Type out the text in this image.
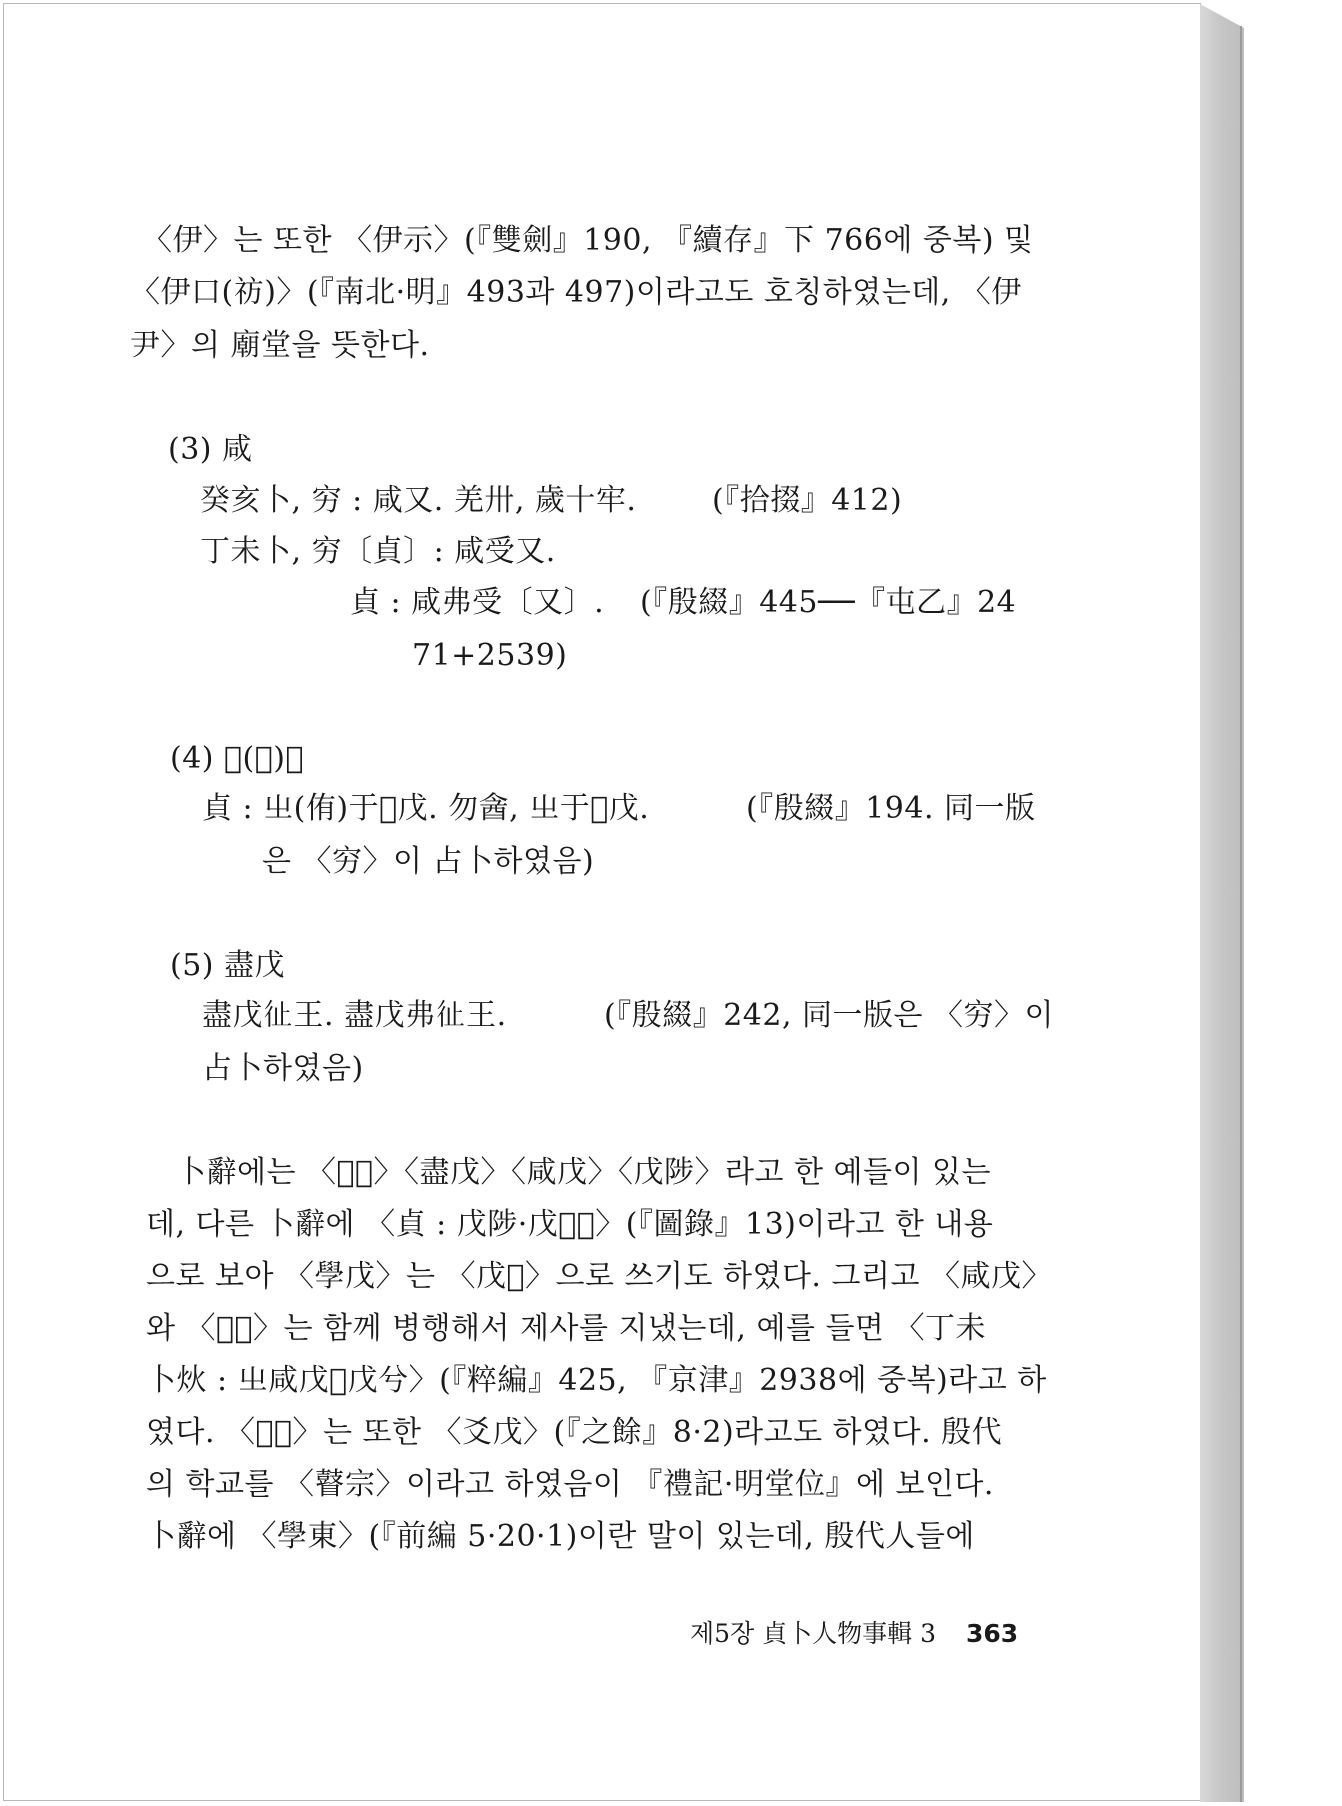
〈伊〉는 또한 〈伊示〉(『雙劍』190, 『續存』下 766에 중복) 및
〈伊口(祊)〉(『南北·明』493과 497)이라고도 호칭하였는데, 〈伊
尹〉의 廟堂을 뜻한다.
(3) 咸
癸亥卜, 穷 : 咸又. 羌卅, 歲十牢.	(『拾掇』412)
丁未卜, 穷〔貞〕: 咸受又.
貞 : 咸弗受〔又〕. (『殷綴』445──『屯乙』24
71+2539)
(4) 𡚶(學)戊
貞 : 㞢(侑)于𡚶戊. 勿酓, 㞢于𡚶戊.	(『殷綴』194. 同一版
은 〈穷〉이 占卜하였음)
(5) 盡戊
盡戊𢓊王. 盡戊弗𢓊王.	(『殷綴』242, 同一版은 〈穷〉이
占卜하였음)
卜辭에는 〈𡚶戊〉〈盡戊〉〈咸戊〉〈戊陟〉라고 한 예들이 있는
데, 다른 卜辭에 〈貞 : 戊陟·戊𡚶𢓊〉(『圖錄』13)이라고 한 내용
으로 보아 〈學戊〉는 〈戊𡚶〉으로 쓰기도 하였다. 그리고 〈咸戊〉
와 〈𡚶戊〉는 함께 병행해서 제사를 지냈는데, 예를 들면 〈丁未
卜炏 : 㞢咸戊𡚶戊兮〉(『粹編』425, 『京津』2938에 중복)라고 하
였다. 〈𡚶戊〉는 또한 〈爻戊〉(『之餘』8·2)라고도 하였다. 殷代
의 학교를 〈瞽宗〉이라고 하였음이 『禮記·明堂位』에 보인다.
卜辭에 〈學東〉(『前編 5·20·1)이란 말이 있는데, 殷代人들에
제5장 貞卜人物事輯 3 363
